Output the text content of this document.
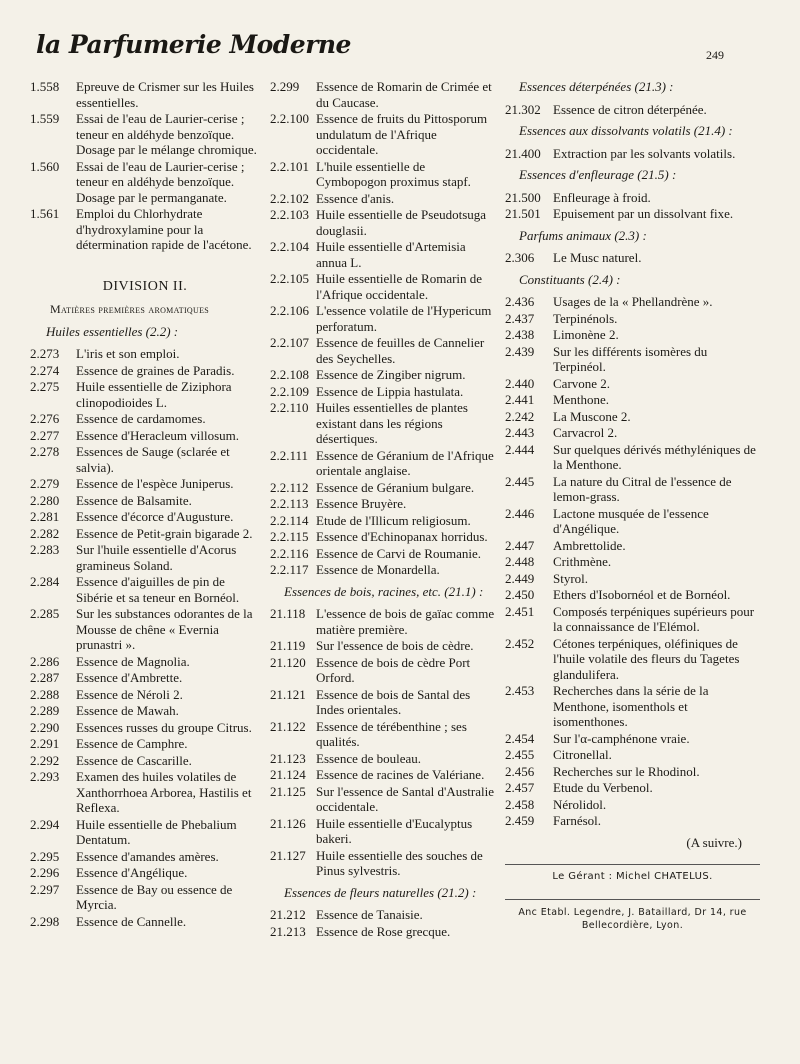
la Parfumerie Moderne	249
1.558 Epreuve de Crismer sur les Huiles essentielles.
1.559 Essai de l'eau de Laurier-cerise ; teneur en aldéhyde benzoïque. Dosage par le mélange chromique.
1.560 Essai de l'eau de Laurier-cerise ; teneur en aldéhyde benzoïque. Dosage par le permanganate.
1.561 Emploi du Chlorhydrate d'hydroxylamine pour la détermination rapide de l'acétone.
DIVISION II.
Matières premières aromatiques
Huiles essentielles (2.2) :
2.273 L'iris et son emploi.
2.274 Essence de graines de Paradis.
2.275 Huile essentielle de Ziziphora clinopodioides L.
2.276 Essence de cardamomes.
2.277 Essence d'Heracleum villosum.
2.278 Essences de Sauge (sclarée et salvia).
2.279 Essence de l'espèce Juniperus.
2.280 Essence de Balsamite.
2.281 Essence d'écorce d'Augusture.
2.282 Essence de Petit-grain bigarade 2.
2.283 Sur l'huile essentielle d'Acorus gramineus Soland.
2.284 Essence d'aiguilles de pin de Sibérie et sa teneur en Bornéol.
2.285 Sur les substances odorantes de la Mousse de chêne « Evernia prunastri ».
2.286 Essence de Magnolia.
2.287 Essence d'Ambrette.
2.288 Essence de Néroli 2.
2.289 Essence de Mawah.
2.290 Essences russes du groupe Citrus.
2.291 Essence de Camphre.
2.292 Essence de Cascarille.
2.293 Examen des huiles volatiles de Xanthorrhoea Arborea, Hastilis et Reflexa.
2.294 Huile essentielle de Phebalium Dentatum.
2.295 Essence d'amandes amères.
2.296 Essence d'Angélique.
2.297 Essence de Bay ou essence de Myrcia.
2.298 Essence de Cannelle.
2.299 Essence de Romarin de Crimée et du Caucase.
2.2.100 Essence de fruits du Pittosporum undulatum de l'Afrique occidentale.
2.2.101 L'huile essentielle de Cymbopogon proximus stapf.
2.2.102 Essence d'anis.
2.2.103 Huile essentielle de Pseudotsuga douglasii.
2.2.104 Huile essentielle d'Artemisia annua L.
2.2.105 Huile essentielle de Romarin de l'Afrique occidentale.
2.2.106 L'essence volatile de l'Hypericum perforatum.
2.2.107 Essence de feuilles de Cannelier des Seychelles.
2.2.108 Essence de Zingiber nigrum.
2.2.109 Essence de Lippia hastulata.
2.2.110 Huiles essentielles de plantes existant dans les régions désertiques.
2.2.111 Essence de Géranium de l'Afrique orientale anglaise.
2.2.112 Essence de Géranium bulgare.
2.2.113 Essence Bruyère.
2.2.114 Etude de l'Illicum religiosum.
2.2.115 Essence d'Echinopanax horridus.
2.2.116 Essence de Carvi de Roumanie.
2.2.117 Essence de Monardella.
Essences de bois, racines, etc. (21.1) :
21.118 L'essence de bois de gaïac comme matière première.
21.119 Sur l'essence de bois de cèdre.
21.120 Essence de bois de cèdre Port Orford.
21.121 Essence de bois de Santal des Indes orientales.
21.122 Essence de térébenthine ; ses qualités.
21.123 Essence de bouleau.
21.124 Essence de racines de Valériane.
21.125 Sur l'essence de Santal d'Australie occidentale.
21.126 Huile essentielle d'Eucalyptus bakeri.
21.127 Huile essentielle des souches de Pinus sylvestris.
Essences de fleurs naturelles (21.2) :
21.212 Essence de Tanaisie.
21.213 Essence de Rose grecque.
Essences déterpénées (21.3) :
21.302 Essence de citron déterpénée.
Essences aux dissolvants volatils (21.4) :
21.400 Extraction par les solvants volatils.
Essences d'enfleurage (21.5) :
21.500 Enfleurage à froid.
21.501 Epuisement par un dissolvant fixe.
Parfums animaux (2.3) :
2.306 Le Musc naturel.
Constituants (2.4) :
2.436 Usages de la « Phellandrène ».
2.437 Terpinénols.
2.438 Limonène 2.
2.439 Sur les différents isomères du Terpinéol.
2.440 Carvone 2.
2.441 Menthone.
2.242 La Muscone 2.
2.443 Carvacrol 2.
2.444 Sur quelques dérivés méthyléniques de la Menthone.
2.445 La nature du Citral de l'essence de lemon-grass.
2.446 Lactone musquée de l'essence d'Angélique.
2.447 Ambrettolide.
2.448 Crithmène.
2.449 Styrol.
2.450 Ethers d'Isobornéol et de Bornéol.
2.451 Composés terpéniques supérieurs pour la connaissance de l'Elémol.
2.452 Cétones terpéniques, oléfiniques de l'huile volatile des fleurs du Tagetes glandulifera.
2.453 Recherches dans la série de la Menthone, isomenthols et isomenthones.
2.454 Sur l'α-camphénone vraie.
2.455 Citronellal.
2.456 Recherches sur le Rhodinol.
2.457 Etude du Verbenol.
2.458 Nérolidol.
2.459 Farnésol.
(A suivre.)
Le Gérant : Michel CHATELUS.
Anc Etabl. Legendre, J. Bataillard, Dr 14, rue Bellecordière, Lyon.
